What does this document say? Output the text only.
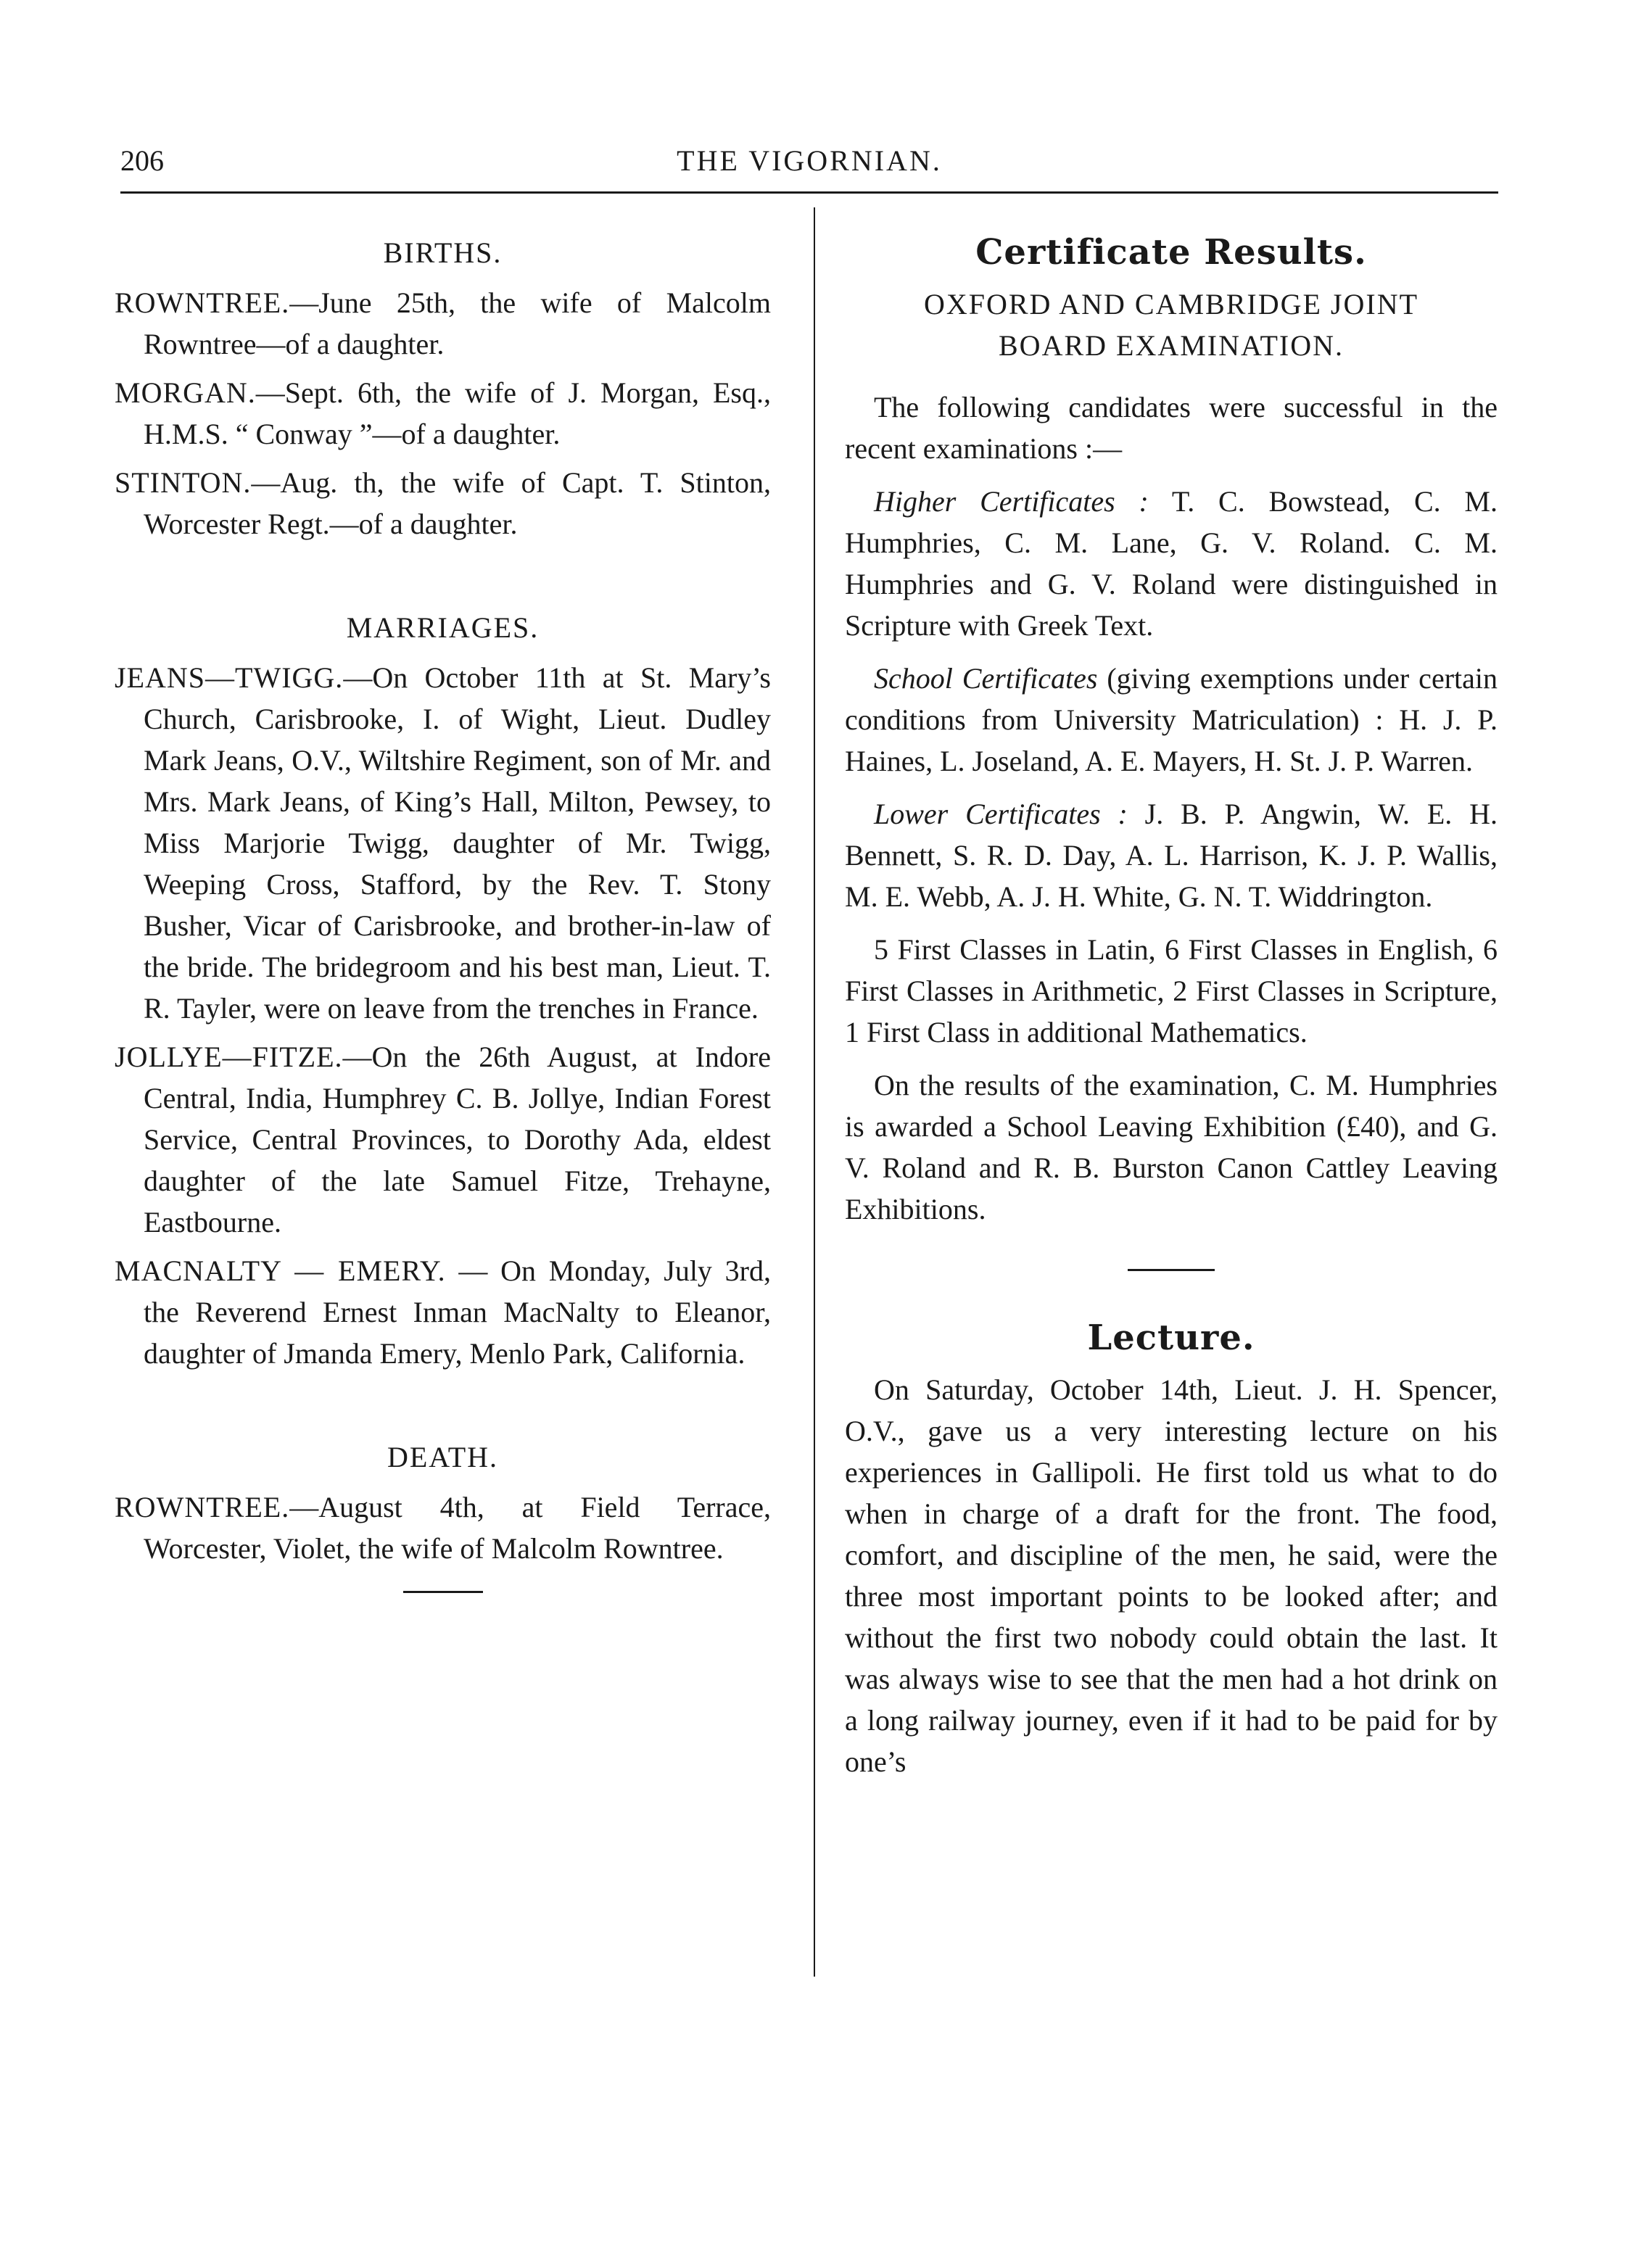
206	THE VIGORNIAN.
BIRTHS.

ROWNTREE.—June 25th, the wife of Malcolm Rowntree—of a daughter.

MORGAN.—Sept. 6th, the wife of J. Morgan, Esq., H.M.S. “ Conway ”—of a daughter.

STINTON.—Aug. th, the wife of Capt. T. Stinton, Worcester Regt.—of a daughter.

MARRIAGES.

JEANS—TWIGG.—On October 11th at St. Mary’s Church, Carisbrooke, I. of Wight, Lieut. Dudley Mark Jeans, O.V., Wiltshire Regiment, son of Mr. and Mrs. Mark Jeans, of King’s Hall, Milton, Pewsey, to Miss Marjorie Twigg, daughter of Mr. Twigg, Weeping Cross, Stafford, by the Rev. T. Stony Busher, Vicar of Carisbrooke, and brother-in-law of the bride. The bridegroom and his best man, Lieut. T. R. Tayler, were on leave from the trenches in France.

JOLLYE—FITZE.—On the 26th August, at Indore Central, India, Humphrey C. B. Jollye, Indian Forest Service, Central Provinces, to Dorothy Ada, eldest daughter of the late Samuel Fitze, Trehayne, Eastbourne.

MACNALTY — EMERY. — On Monday, July 3rd, the Reverend Ernest Inman MacNalty to Eleanor, daughter of Jmanda Emery, Menlo Park, California.

DEATH.

ROWNTREE.—August 4th, at Field Terrace, Worcester, Violet, the wife of Malcolm Rowntree.

Certificate Results.
OXFORD AND CAMBRIDGE JOINT
BOARD EXAMINATION.

The following candidates were successful in the recent examinations :—

Higher Certificates : T. C. Bowstead, C. M. Humphries, C. M. Lane, G. V. Roland. C. M. Humphries and G. V. Roland were distinguished in Scripture with Greek Text.

School Certificates (giving exemptions under certain conditions from University Matriculation) : H. J. P. Haines, L. Joseland, A. E. Mayers, H. St. J. P. Warren.

Lower Certificates : J. B. P. Angwin, W. E. H. Bennett, S. R. D. Day, A. L. Harrison, K. J. P. Wallis, M. E. Webb, A. J. H. White, G. N. T. Widdrington.

5 First Classes in Latin, 6 First Classes in English, 6 First Classes in Arithmetic, 2 First Classes in Scripture, 1 First Class in additional Mathematics.

On the results of the examination, C. M. Humphries is awarded a School Leaving Exhibition (£40), and G. V. Roland and R. B. Burston Canon Cattley Leaving Exhibitions.

Lecture.

On Saturday, October 14th, Lieut. J. H. Spencer, O.V., gave us a very interesting lecture on his experiences in Gallipoli. He first told us what to do when in charge of a draft for the front. The food, comfort, and discipline of the men, he said, were the three most important points to be looked after; and without the first two nobody could obtain the last. It was always wise to see that the men had a hot drink on a long railway journey, even if it had to be paid for by one’s
